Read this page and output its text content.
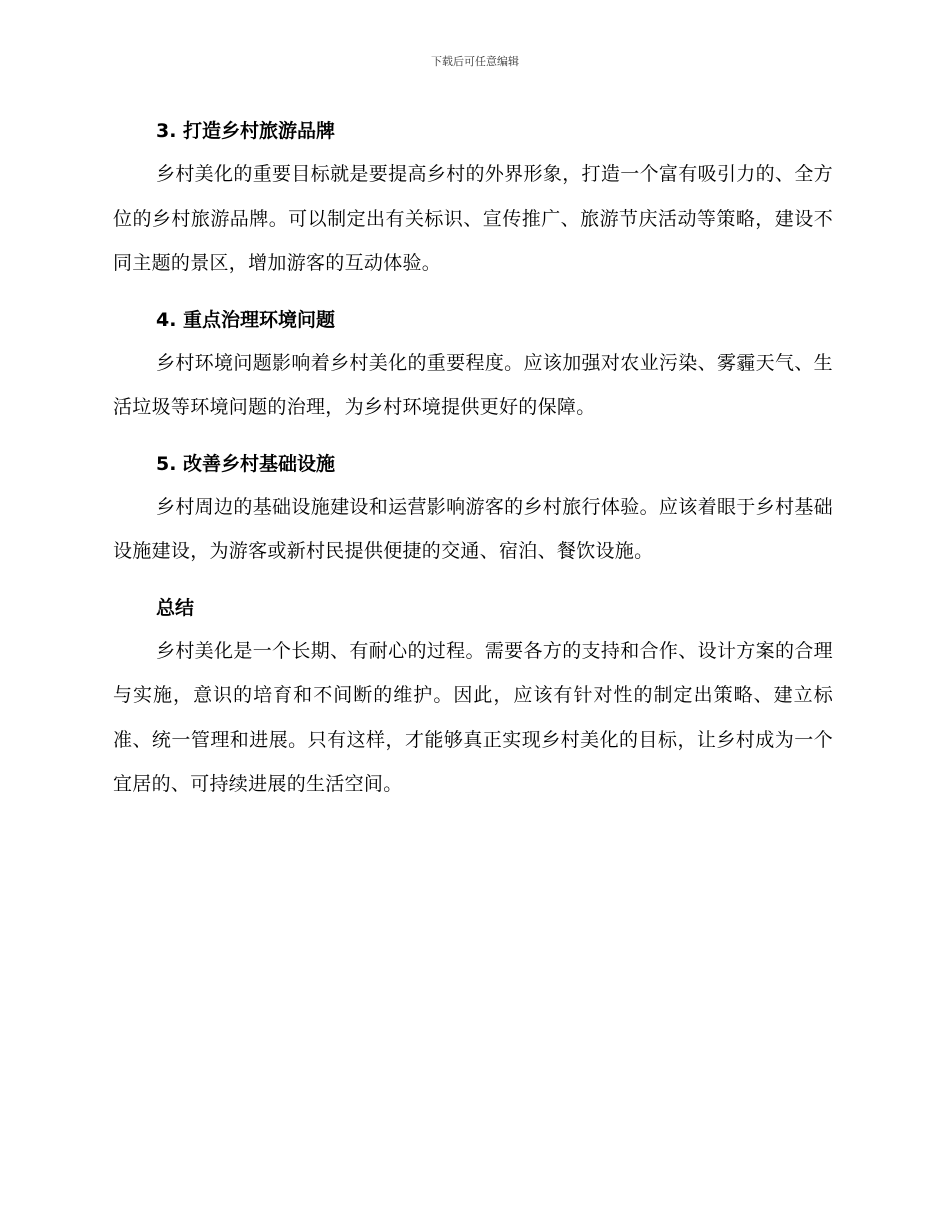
下载后可任意编辑
3. 打造乡村旅游品牌

乡村美化的重要目标就是要提高乡村的外界形象，打造一个富有吸引力的、全方位的乡村旅游品牌。可以制定出有关标识、宣传推广、旅游节庆活动等策略，建设不同主题的景区，增加游客的互动体验。

4. 重点治理环境问题

乡村环境问题影响着乡村美化的重要程度。应该加强对农业污染、雾霾天气、生活垃圾等环境问题的治理，为乡村环境提供更好的保障。

5. 改善乡村基础设施

乡村周边的基础设施建设和运营影响游客的乡村旅行体验。应该着眼于乡村基础设施建设，为游客或新村民提供便捷的交通、宿泊、餐饮设施。

总结

乡村美化是一个长期、有耐心的过程。需要各方的支持和合作、设计方案的合理与实施，意识的培育和不间断的维护。因此，应该有针对性的制定出策略、建立标准、统一管理和进展。只有这样，才能够真正实现乡村美化的目标，让乡村成为一个宜居的、可持续进展的生活空间。
